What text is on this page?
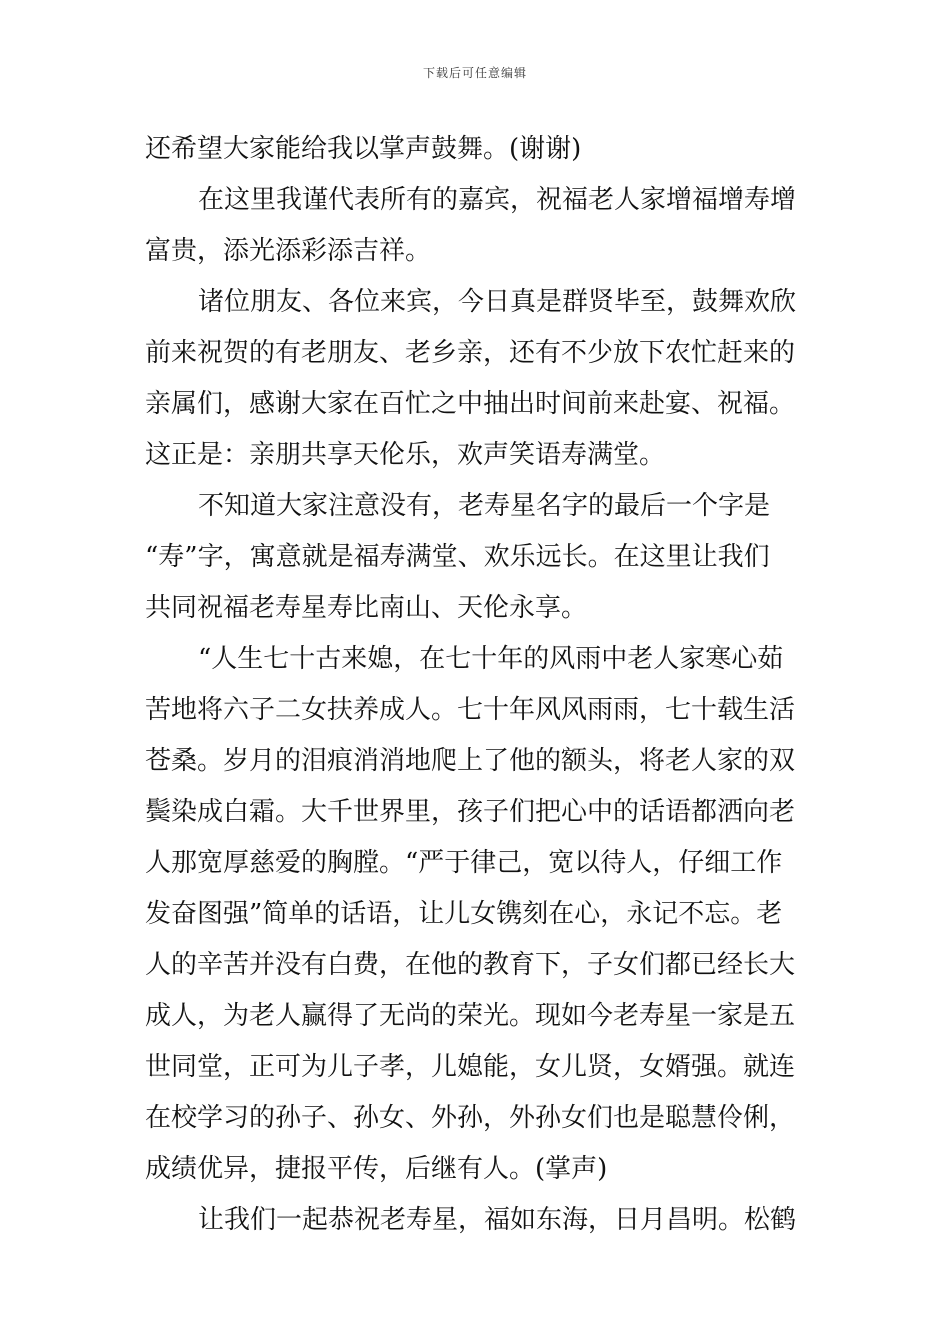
下载后可任意编辑
还希望大家能给我以掌声鼓舞。(谢谢)
在这里我谨代表所有的嘉宾，祝福老人家增福增寿增
富贵，添光添彩添吉祥。
诸位朋友、各位来宾，今日真是群贤毕至，鼓舞欢欣
前来祝贺的有老朋友、老乡亲，还有不少放下农忙赶来的
亲属们，感谢大家在百忙之中抽出时间前来赴宴、祝福。
这正是：亲朋共享天伦乐，欢声笑语寿满堂。
不知道大家注意没有，老寿星名字的最后一个字是
“寿”字，寓意就是福寿满堂、欢乐远长。在这里让我们
共同祝福老寿星寿比南山、天伦永享。
“人生七十古来媳，在七十年的风雨中老人家寒心茹
苦地将六子二女扶养成人。七十年风风雨雨，七十载生活
苍桑。岁月的泪痕消消地爬上了他的额头，将老人家的双
鬓染成白霜。大千世界里，孩子们把心中的话语都洒向老
人那宽厚慈爱的胸膛。“严于律己，宽以待人，仔细工作
发奋图强”简单的话语，让儿女镌刻在心，永记不忘。老
人的辛苦并没有白费，在他的教育下，子女们都已经长大
成人，为老人赢得了无尚的荣光。现如今老寿星一家是五
世同堂，正可为儿子孝，儿媳能，女儿贤，女婿强。就连
在校学习的孙子、孙女、外孙，外孙女们也是聪慧伶俐，
成绩优异，捷报平传，后继有人。(掌声)
让我们一起恭祝老寿星，福如东海，日月昌明。松鹤
